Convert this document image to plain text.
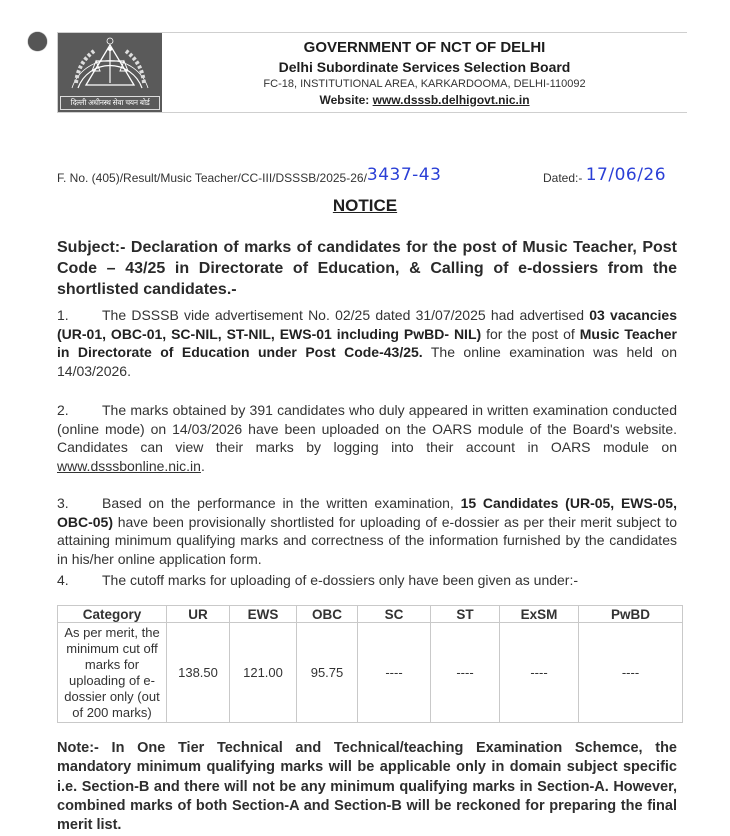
दिल्ली अधीनस्थ सेवा चयन बोर्ड
GOVERNMENT OF NCT OF DELHI
Delhi Subordinate Services Selection Board
FC-18, INSTITUTIONAL AREA, KARKARDOOMA, DELHI-110092
Website: www.dsssb.delhigovt.nic.in
F. No. (405)/Result/Music Teacher/CC-III/DSSSB/2025-26/3437-43	Dated:- 17/06/26
NOTICE
Subject:- Declaration of marks of candidates for the post of Music Teacher, Post Code – 43/25 in Directorate of Education, & Calling of e-dossiers from the shortlisted candidates.-
1. The DSSSB vide advertisement No. 02/25 dated 31/07/2025 had advertised 03 vacancies (UR-01, OBC-01, SC-NIL, ST-NIL, EWS-01 including PwBD- NIL) for the post of Music Teacher in Directorate of Education under Post Code-43/25. The online examination was held on 14/03/2026.
2. The marks obtained by 391 candidates who duly appeared in written examination conducted (online mode) on 14/03/2026 have been uploaded on the OARS module of the Board's website. Candidates can view their marks by logging into their account in OARS module on www.dsssbonline.nic.in.
3. Based on the performance in the written examination, 15 Candidates (UR-05, EWS-05, OBC-05) have been provisionally shortlisted for uploading of e-dossier as per their merit subject to attaining minimum qualifying marks and correctness of the information furnished by the candidates in his/her online application form.
4. The cutoff marks for uploading of e-dossiers only have been given as under:-
Category	UR	EWS	OBC	SC	ST	ExSM	PwBD
As per merit, the minimum cut off marks for uploading of e-dossier only (out of 200 marks)	138.50	121.00	95.75	----	----	----	----
Note:- In One Tier Technical and Technical/teaching Examination Schemce, the mandatory minimum qualifying marks will be applicable only in domain subject specific i.e. Section-B and there will not be any minimum qualifying marks in Section-A. However, combined marks of both Section-A and Section-B will be reckoned for preparing the final merit list.
